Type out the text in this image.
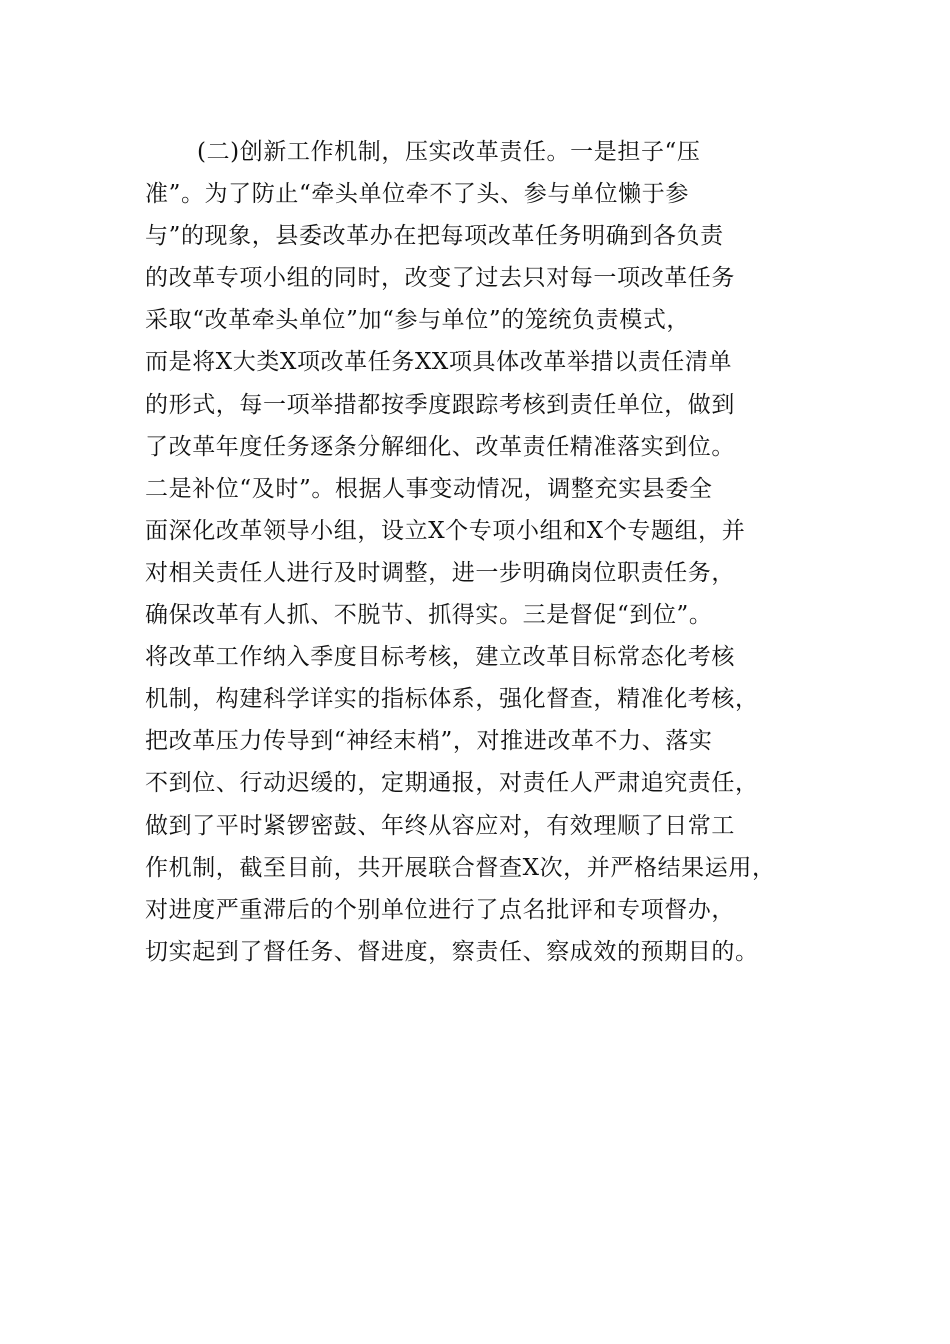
(二)创新工作机制，压实改革责任。一是担子“压
准”。为了防止“牵头单位牵不了头、参与单位懒于参
与”的现象，县委改革办在把每项改革任务明确到各负责
的改革专项小组的同时，改变了过去只对每一项改革任务
采取“改革牵头单位”加“参与单位”的笼统负责模式，
而是将X大类X项改革任务XX项具体改革举措以责任清单
的形式，每一项举措都按季度跟踪考核到责任单位，做到
了改革年度任务逐条分解细化、改革责任精准落实到位。
二是补位“及时”。根据人事变动情况，调整充实县委全
面深化改革领导小组，设立X个专项小组和X个专题组，并
对相关责任人进行及时调整，进一步明确岗位职责任务，
确保改革有人抓、不脱节、抓得实。三是督促“到位”。
将改革工作纳入季度目标考核，建立改革目标常态化考核
机制，构建科学详实的指标体系，强化督查，精准化考核，
把改革压力传导到“神经末梢”，对推进改革不力、落实
不到位、行动迟缓的，定期通报，对责任人严肃追究责任，
做到了平时紧锣密鼓、年终从容应对，有效理顺了日常工
作机制，截至目前，共开展联合督查X次，并严格结果运用，
对进度严重滞后的个别单位进行了点名批评和专项督办，
切实起到了督任务、督进度，察责任、察成效的预期目的。
